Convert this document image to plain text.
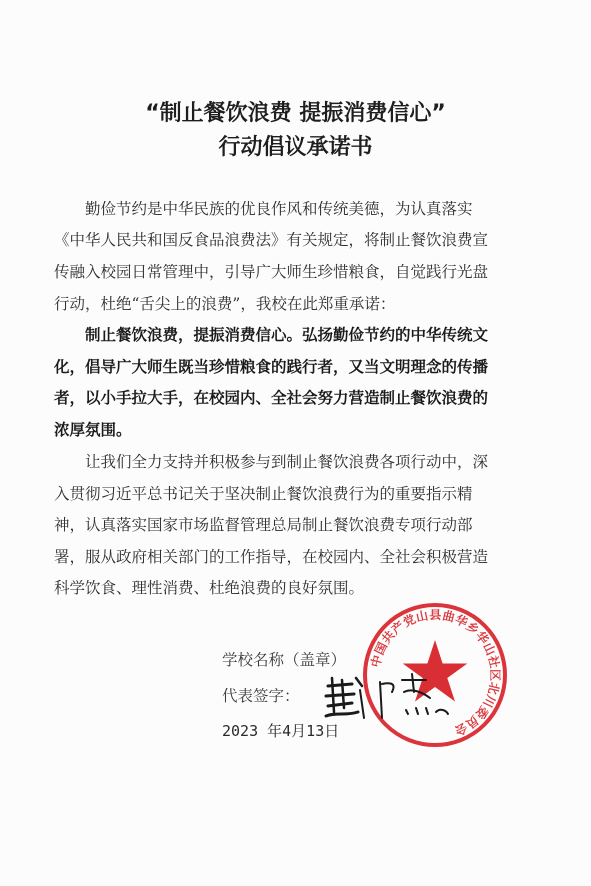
“制止餐饮浪费 提振消费信心”
行动倡议承诺书
勤俭节约是中华民族的优良作风和传统美德，为认真落实
《中华人民共和国反食品浪费法》有关规定，将制止餐饮浪费宣
传融入校园日常管理中，引导广大师生珍惜粮食，自觉践行光盘
行动，杜绝“舌尖上的浪费”，我校在此郑重承诺：
制止餐饮浪费，提振消费信心。弘扬勤俭节约的中华传统文
化，倡导广大师生既当珍惜粮食的践行者，又当文明理念的传播
者，以小手拉大手，在校园内、全社会努力营造制止餐饮浪费的
浓厚氛围。
让我们全力支持并积极参与到制止餐饮浪费各项行动中，深
入贯彻习近平总书记关于坚决制止餐饮浪费行为的重要指示精
神，认真落实国家市场监督管理总局制止餐饮浪费专项行动部
署，服从政府相关部门的工作指导，在校园内、全社会积极营造
科学饮食、理性消费、杜绝浪费的良好氛围。
中国共产党山县曲华乡华山社区北川委员会
学校名称（盖章）
代表签字：
2023 年4月13日
